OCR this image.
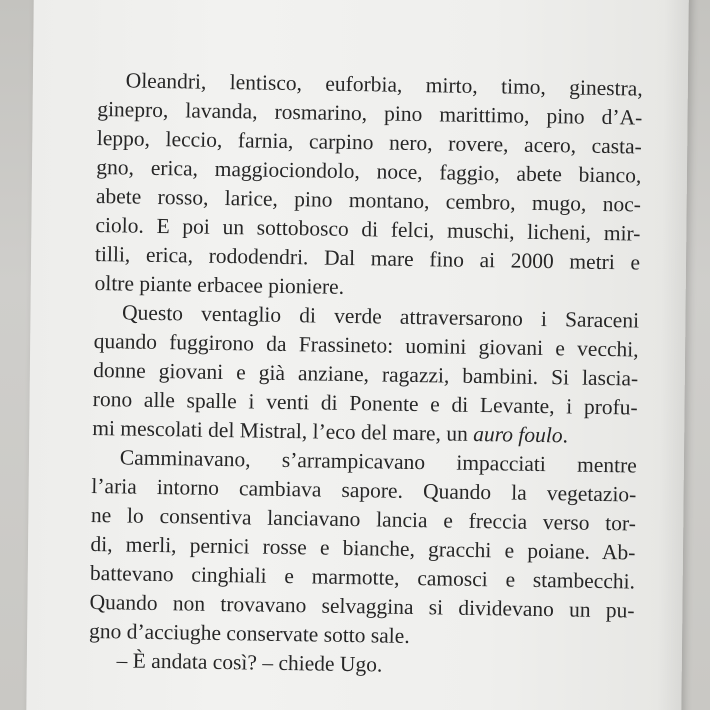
Oleandri, lentisco, euforbia, mirto, timo, ginestra,
ginepro, lavanda, rosmarino, pino marittimo, pino d’A-
leppo, leccio, farnia, carpino nero, rovere, acero, casta-
gno, erica, maggiociondolo, noce, faggio, abete bianco,
abete rosso, larice, pino montano, cembro, mugo, noc-
ciolo. E poi un sottobosco di felci, muschi, licheni, mir-
tilli, erica, rododendri. Dal mare fino ai 2000 metri e
oltre piante erbacee pioniere.

Questo ventaglio di verde attraversarono i Saraceni
quando fuggirono da Frassineto: uomini giovani e vecchi,
donne giovani e già anziane, ragazzi, bambini. Si lascia-
rono alle spalle i venti di Ponente e di Levante, i profu-
mi mescolati del Mistral, l’eco del mare, un auro foulo.

Camminavano, s’arrampicavano impacciati mentre
l’aria intorno cambiava sapore. Quando la vegetazio-
ne lo consentiva lanciavano lancia e freccia verso tor-
di, merli, pernici rosse e bianche, gracchi e poiane. Ab-
battevano cinghiali e marmotte, camosci e stambecchi.
Quando non trovavano selvaggina si dividevano un pu-
gno d’acciughe conservate sotto sale.

– È andata così? – chiede Ugo.
